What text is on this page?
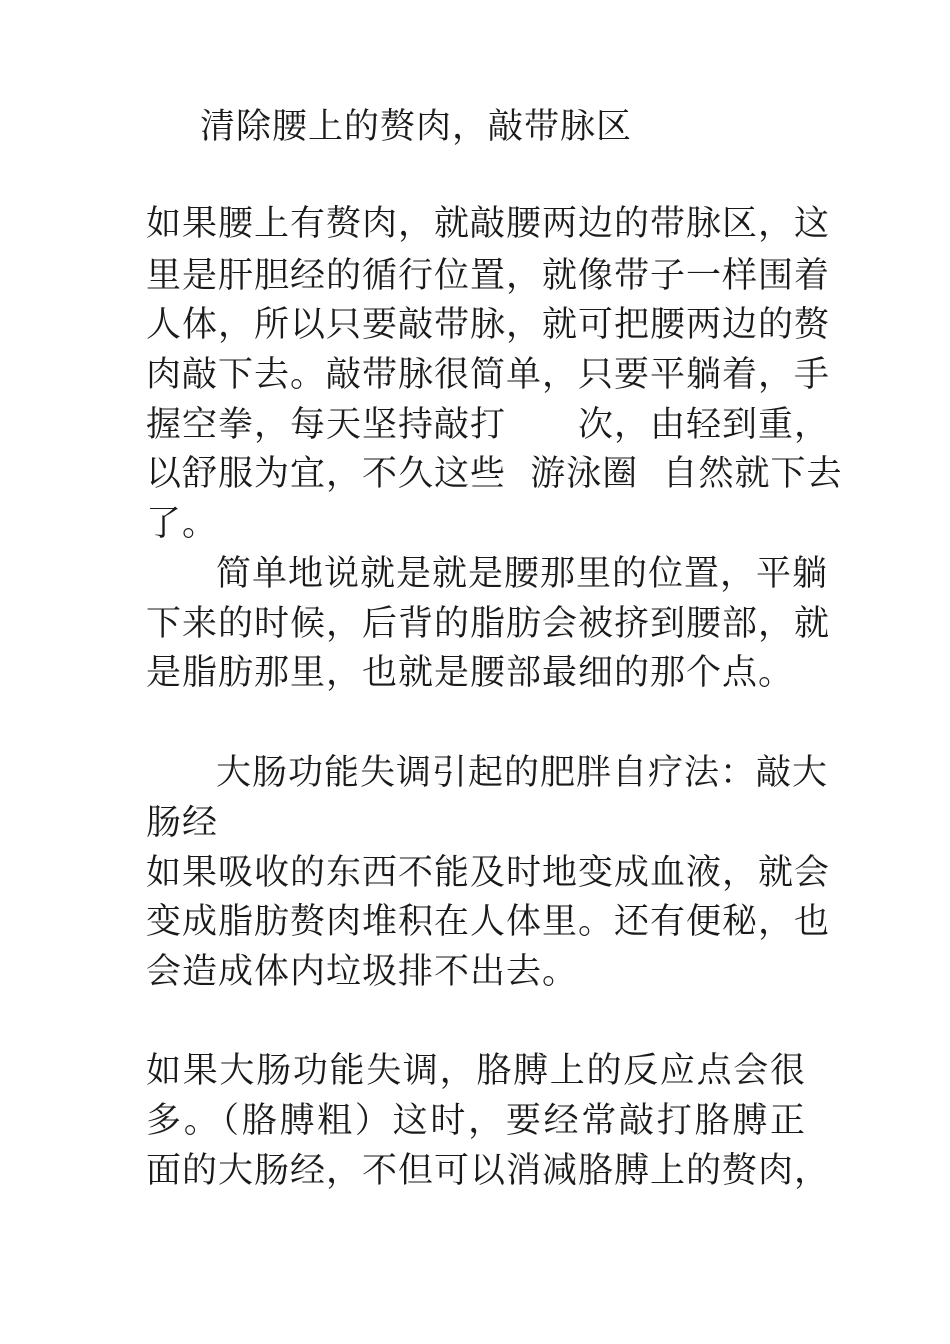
清除腰上的赘肉，敲带脉区
如果腰上有赘肉，就敲腰两边的带脉区，这
里是肝胆经的循行位置，就像带子一样围着
人体，所以只要敲带脉，就可把腰两边的赘
肉敲下去。敲带脉很简单，只要平躺着，手
握空拳，每天坚持敲打　　次，由轻到重，
以舒服为宜，不久这些  游泳圈  自然就下去
了。
简单地说就是就是腰那里的位置，平躺
下来的时候，后背的脂肪会被挤到腰部，就
是脂肪那里，也就是腰部最细的那个点。
大肠功能失调引起的肥胖自疗法：敲大
肠经
如果吸收的东西不能及时地变成血液，就会
变成脂肪赘肉堆积在人体里。还有便秘，也
会造成体内垃圾排不出去。
如果大肠功能失调，胳膊上的反应点会很
多。（胳膊粗）这时，要经常敲打胳膊正
面的大肠经，不但可以消减胳膊上的赘肉，
